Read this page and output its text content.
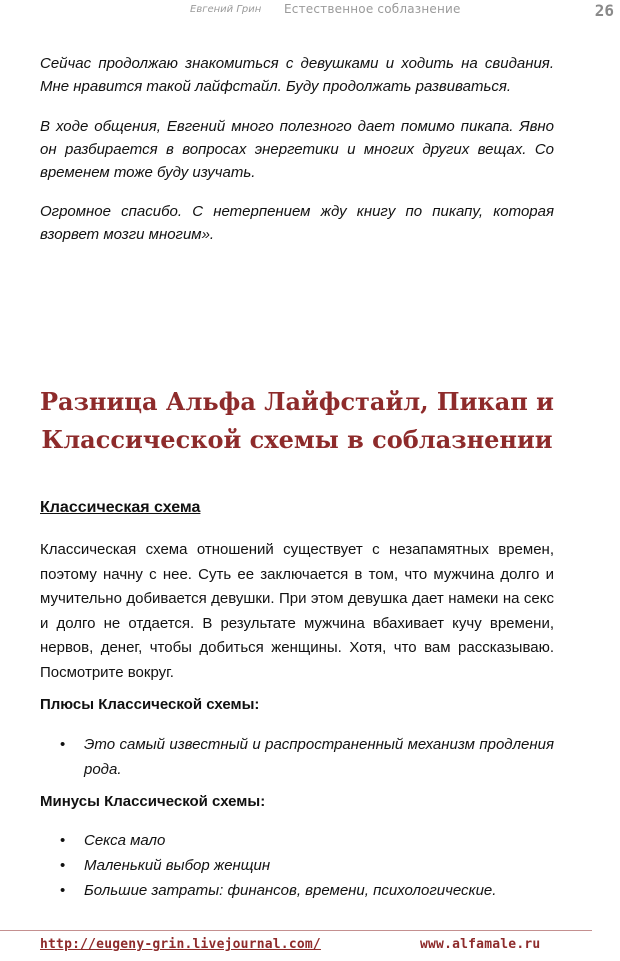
Евгений Грин Естественное соблазнение	26

Сейчас продолжаю знакомиться с девушками и ходить на свидания. Мне нравится такой лайфстайл. Буду продолжать развиваться.

В ходе общения, Евгений много полезного дает помимо пикапа. Явно он разбирается в вопросах энергетики и многих других вещах. Со временем тоже буду изучать.

Огромное спасибо. С нетерпением жду книгу по пикапу, которая взорвет мозги многим».

Разница Альфа Лайфстайл, Пикап и
Классической схемы в соблазнении
Классическая схема

Классическая схема отношений существует с незапамятных времен, поэтому начну с нее. Суть ее заключается в том, что мужчина долго и мучительно добивается девушки. При этом девушка дает намеки на секс и долго не отдается. В результате мужчина вбахивает кучу времени, нервов, денег, чтобы добиться женщины. Хотя, что вам рассказываю. Посмотрите вокруг.

Плюсы Классической схемы:

• Это самый известный и распространенный механизм продления рода.

Минусы Классической схемы:

• Секса мало
• Маленький выбор женщин
• Большие затраты: финансов, времени, психологические.
http://eugeny-grin.livejournal.com/	www.alfamale.ru
